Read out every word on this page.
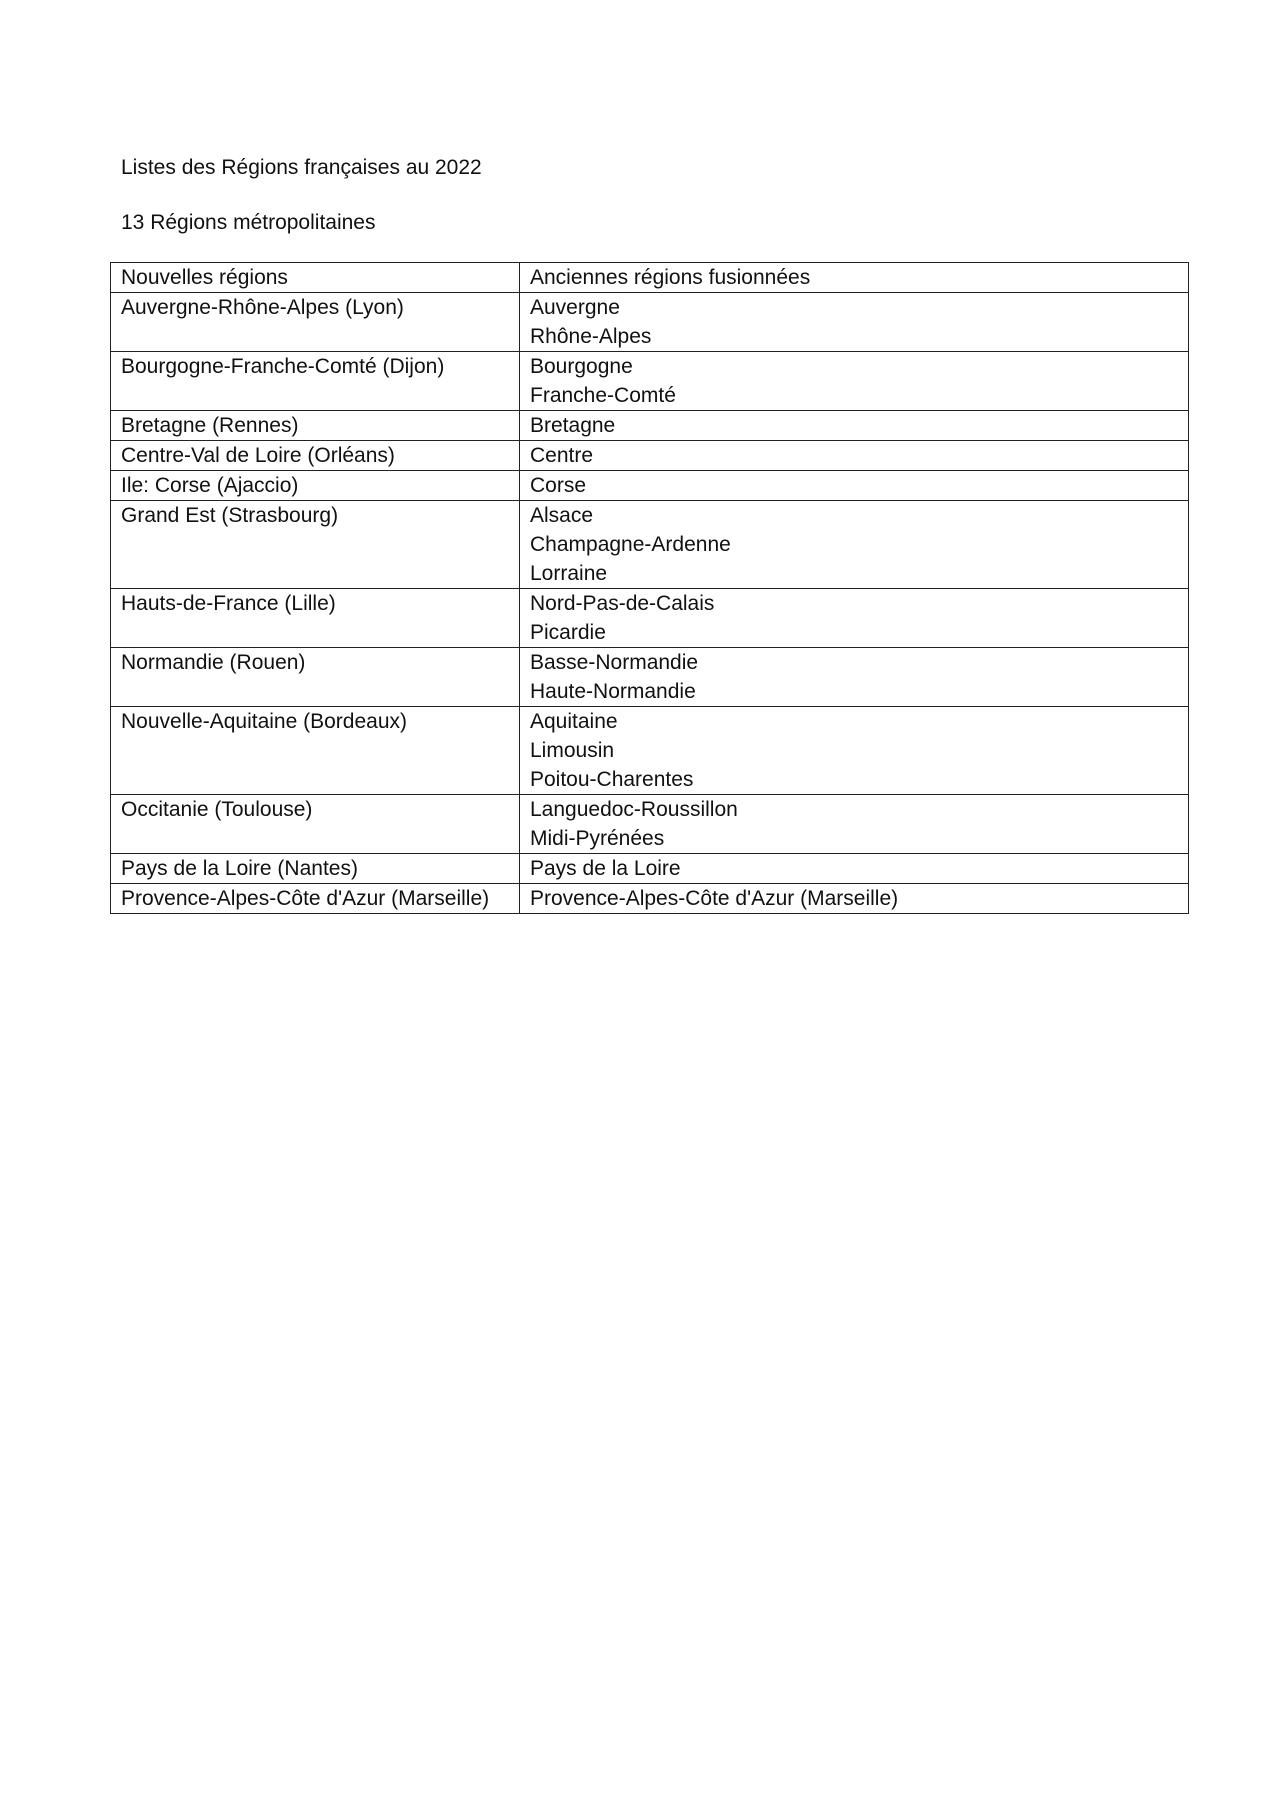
Listes des Régions françaises au 2022
13 Régions métropolitaines
Nouvelles régions	Anciennes régions fusionnées
Auvergne-Rhône-Alpes (Lyon)	Auvergne
Rhône-Alpes

Bourgogne-Franche-Comté (Dijon)	Bourgogne
Franche-Comté

Bretagne (Rennes)	Bretagne

Centre-Val de Loire (Orléans)	Centre

Ile: Corse (Ajaccio)	Corse

Grand Est (Strasbourg)	Alsace
Champagne-Ardenne
Lorraine

Hauts-de-France (Lille)	Nord-Pas-de-Calais
Picardie

Normandie (Rouen)	Basse-Normandie
Haute-Normandie

Nouvelle-Aquitaine (Bordeaux)	Aquitaine
Limousin
Poitou-Charentes

Occitanie (Toulouse)	Languedoc-Roussillon
Midi-Pyrénées

Pays de la Loire (Nantes)	Pays de la Loire

Provence-Alpes-Côte d'Azur (Marseille)	Provence-Alpes-Côte d'Azur (Marseille)
